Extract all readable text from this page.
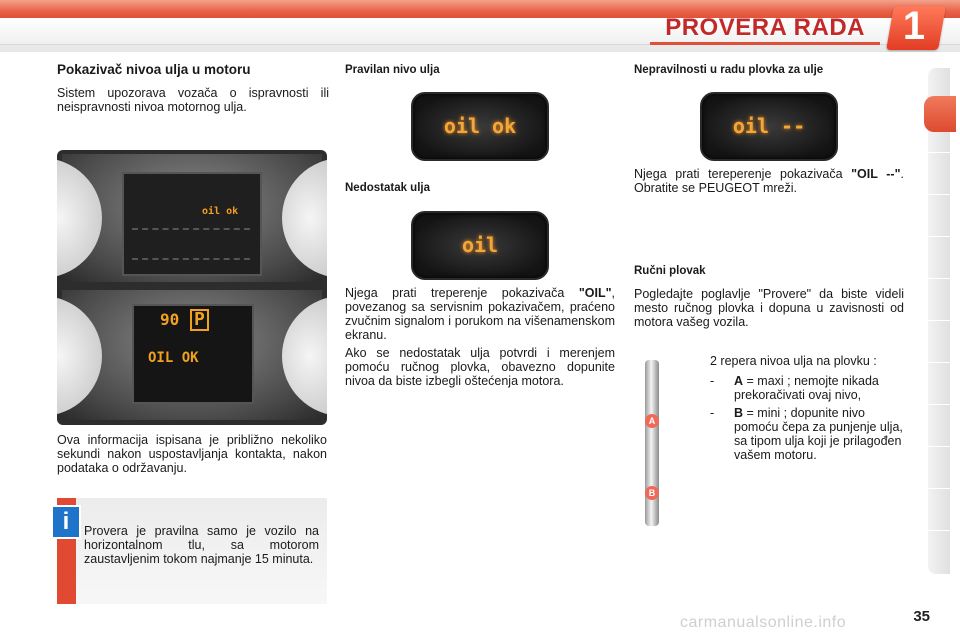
PROVERA RADA 1
Pokazivač nivoa ulja u motoru

Sistem upozorava vozača o ispravnosti ili neispravnosti nivoa motornog ulja.

oil ok
90 P
OIL OK

Ova informacija ispisana je približno nekoliko sekundi nakon uspostavljanja kontakta, nakon podataka o održavanju.

Provera je pravilna samo je vozilo na horizontalnom tlu, sa motorom zaustavljenim tokom najmanje 15 minuta.

i
Pravilan nivo ulja
oil ok
Nedostatak ulja
oil

Njega prati treperenje pokazivača "OIL", povezanog sa servisnim pokazivačem, praćeno zvučnim signalom i porukom na višenamenskom ekranu.

Ako se nedostatak ulja potvrdi i merenjem pomoću ručnog plovka, obavezno dopunite nivoa da biste izbegli oštećenja motora.

Nepravilnosti u radu plovka za ulje
oil --

Njega prati tereperenje pokazivača "OIL --". Obratite se PEUGEOT mreži.

Ručni plovak

Pogledajte poglavlje "Provere" da biste videli mesto ručnog plovka i dopuna u zavisnosti od motora vašeg vozila.

A
B

2 repera nivoa ulja na plovku :

- A = maxi ; nemojte nikada prekoračivati ovaj nivo,
- B = mini ; dopunite nivo pomoću čepa za punjenje ulja, sa tipom ulja koji je prilagođen vašem motoru.
carmanualsonline.info	35
